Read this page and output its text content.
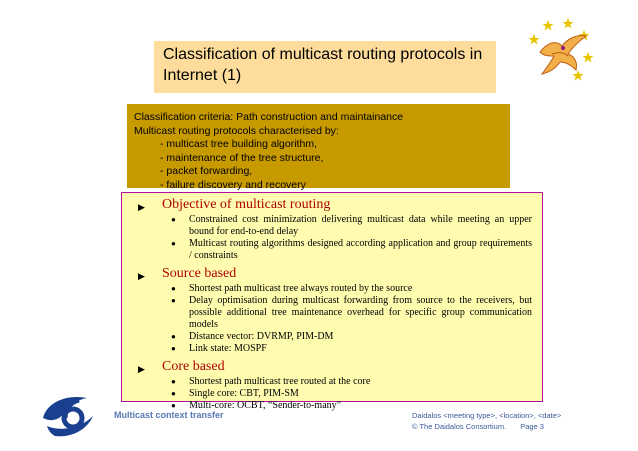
Classification of multicast routing protocols in
Internet (1)
Classification criteria: Path construction and maintainance
Multicast routing protocols characterised by:
- multicast tree building algorithm,
- maintenance of the tree structure,
- packet forwarding,
- failure discovery and recovery
▶ Objective of multicast routing
● Constrained cost minimization delivering multicast data while meeting an upper bound for end-to-end delay
● Multicast routing algorithms designed according application and group requirements / constraints
▶ Source based
● Shortest path multicast tree always routed by the source
● Delay optimisation during multicast forwarding from source to the receivers, but possible additional tree maintenance overhead for specific group communication models
● Distance vector: DVRMP, PIM-DM
● Link state: MOSPF
▶ Core based
● Shortest path multicast tree routed at the core
● Single core: CBT, PIM-SM
● Multi-core: OCBT, “Sender-to-many”
Multicast context transfer	Daidalos <meeting type>, <location>, <date>
© The Daidalos Consortium. Page 3
